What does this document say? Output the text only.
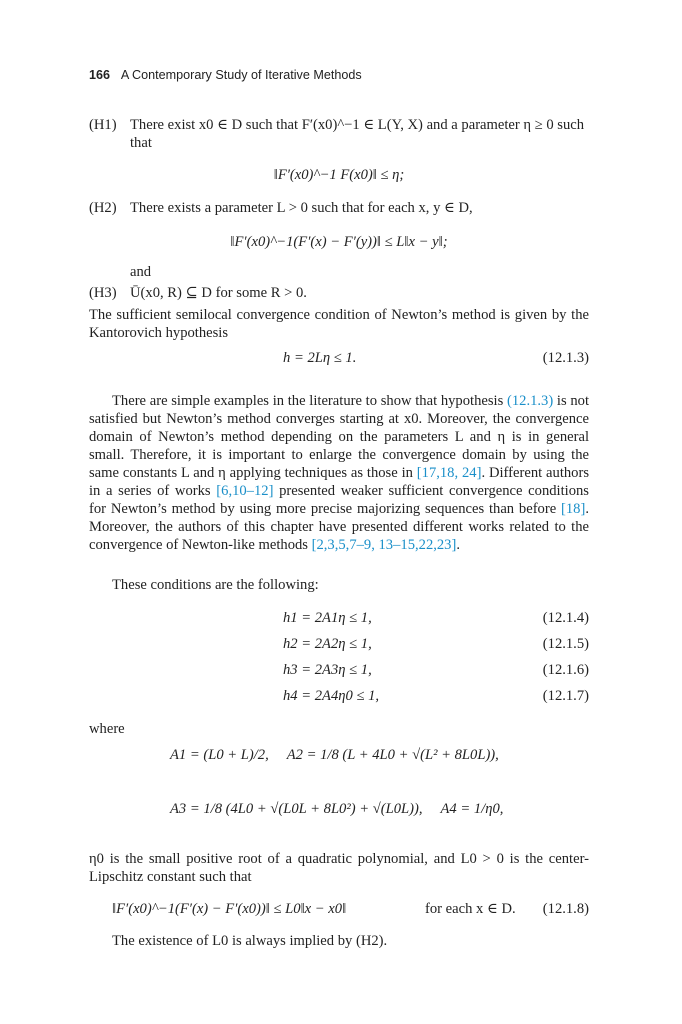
166 A Contemporary Study of Iterative Methods
(H1) There exist x0 ∈ D such that F′(x0)^−1 ∈ L(Y, X) and a parameter η ≥ 0 such that
‖F′(x0)^−1 F(x0)‖ ≤ η;
(H2) There exists a parameter L > 0 such that for each x, y ∈ D,
‖F′(x0)^−1(F′(x) − F′(y))‖ ≤ L‖x − y‖;
and
(H3) Ū(x0, R) ⊆ D for some R > 0.
The sufficient semilocal convergence condition of Newton’s method is given by the Kantorovich hypothesis
h = 2Lη ≤ 1.	(12.1.3)
There are simple examples in the literature to show that hypothesis (12.1.3) is not satisfied but Newton’s method converges starting at x0. Moreover, the convergence domain of Newton’s method depending on the parameters L and η is in general small. Therefore, it is important to enlarge the convergence domain by using the same constants L and η applying techniques as those in [17,18, 24]. Different authors in a series of works [6,10–12] presented weaker sufficient convergence conditions for Newton’s method by using more precise majorizing sequences than before [18]. Moreover, the authors of this chapter have presented different works related to the convergence of Newton-like methods [2,3,5,7–9, 13–15,22,23].
These conditions are the following:
h1 = 2A1η ≤ 1,	(12.1.4)
h2 = 2A2η ≤ 1,	(12.1.5)
h3 = 2A3η ≤ 1,	(12.1.6)
h4 = 2A4η0 ≤ 1,	(12.1.7)
where
A1 = (L0 + L)/2,     A2 = 1/8 (L + 4L0 + √(L² + 8L0L)),
A3 = 1/8 (4L0 + √(L0L + 8L0²) + √(L0L)),     A4 = 1/η0,
η0 is the small positive root of a quadratic polynomial, and L0 > 0 is the center-Lipschitz constant such that
‖F′(x0)^−1(F′(x) − F′(x0))‖ ≤ L0‖x − x0‖	for each x ∈ D. (12.1.8)
The existence of L0 is always implied by (H2).
